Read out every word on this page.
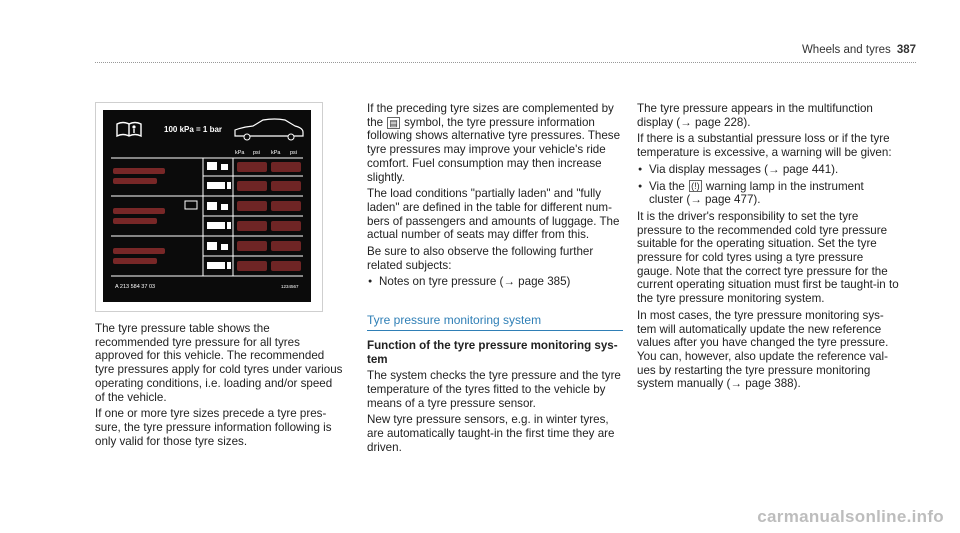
Wheels and tyres 387
100 kPa = 1 bar
kPa psi kPa psi
A 213 584 37 03	1234567

The tyre pressure table shows the recommended tyre pressure for all tyres approved for this vehicle. The recommended tyre pressures apply for cold tyres under various operating conditions, i.e. loading and/or speed of the vehicle.

If one or more tyre sizes precede a tyre pressure, the tyre pressure information following is only valid for those tyre sizes.

If the preceding tyre sizes are complemented by the ▤ symbol, the tyre pressure information following shows alternative tyre pressures. These tyre pressures may improve your vehicle's ride comfort. Fuel consumption may then increase slightly.

The load conditions "partially laden" and "fully laden" are defined in the table for different numbers of passengers and amounts of luggage. The actual number of seats may differ from this.

Be sure to also observe the following further related subjects:

● Notes on tyre pressure (→ page 385)
Tyre pressure monitoring system

Function of the tyre pressure monitoring system

The system checks the tyre pressure and the tyre temperature of the tyres fitted to the vehicle by means of a tyre pressure sensor.

New tyre pressure sensors, e.g. in winter tyres, are automatically taught-in the first time they are driven.

The tyre pressure appears in the multifunction display (→ page 228).

If there is a substantial pressure loss or if the tyre temperature is excessive, a warning will be given:

● Via display messages (→ page 441).
● Via the (!) warning lamp in the instrument cluster (→ page 477).

It is the driver's responsibility to set the tyre pressure to the recommended cold tyre pressure suitable for the operating situation. Set the tyre pressure for cold tyres using a tyre pressure gauge. Note that the correct tyre pressure for the current operating situation must first be taught-in to the tyre pressure monitoring system.

In most cases, the tyre pressure monitoring system will automatically update the new reference values after you have changed the tyre pressure. You can, however, also update the reference values by restarting the tyre pressure monitoring system manually (→ page 388).

carmanualsonline.info
